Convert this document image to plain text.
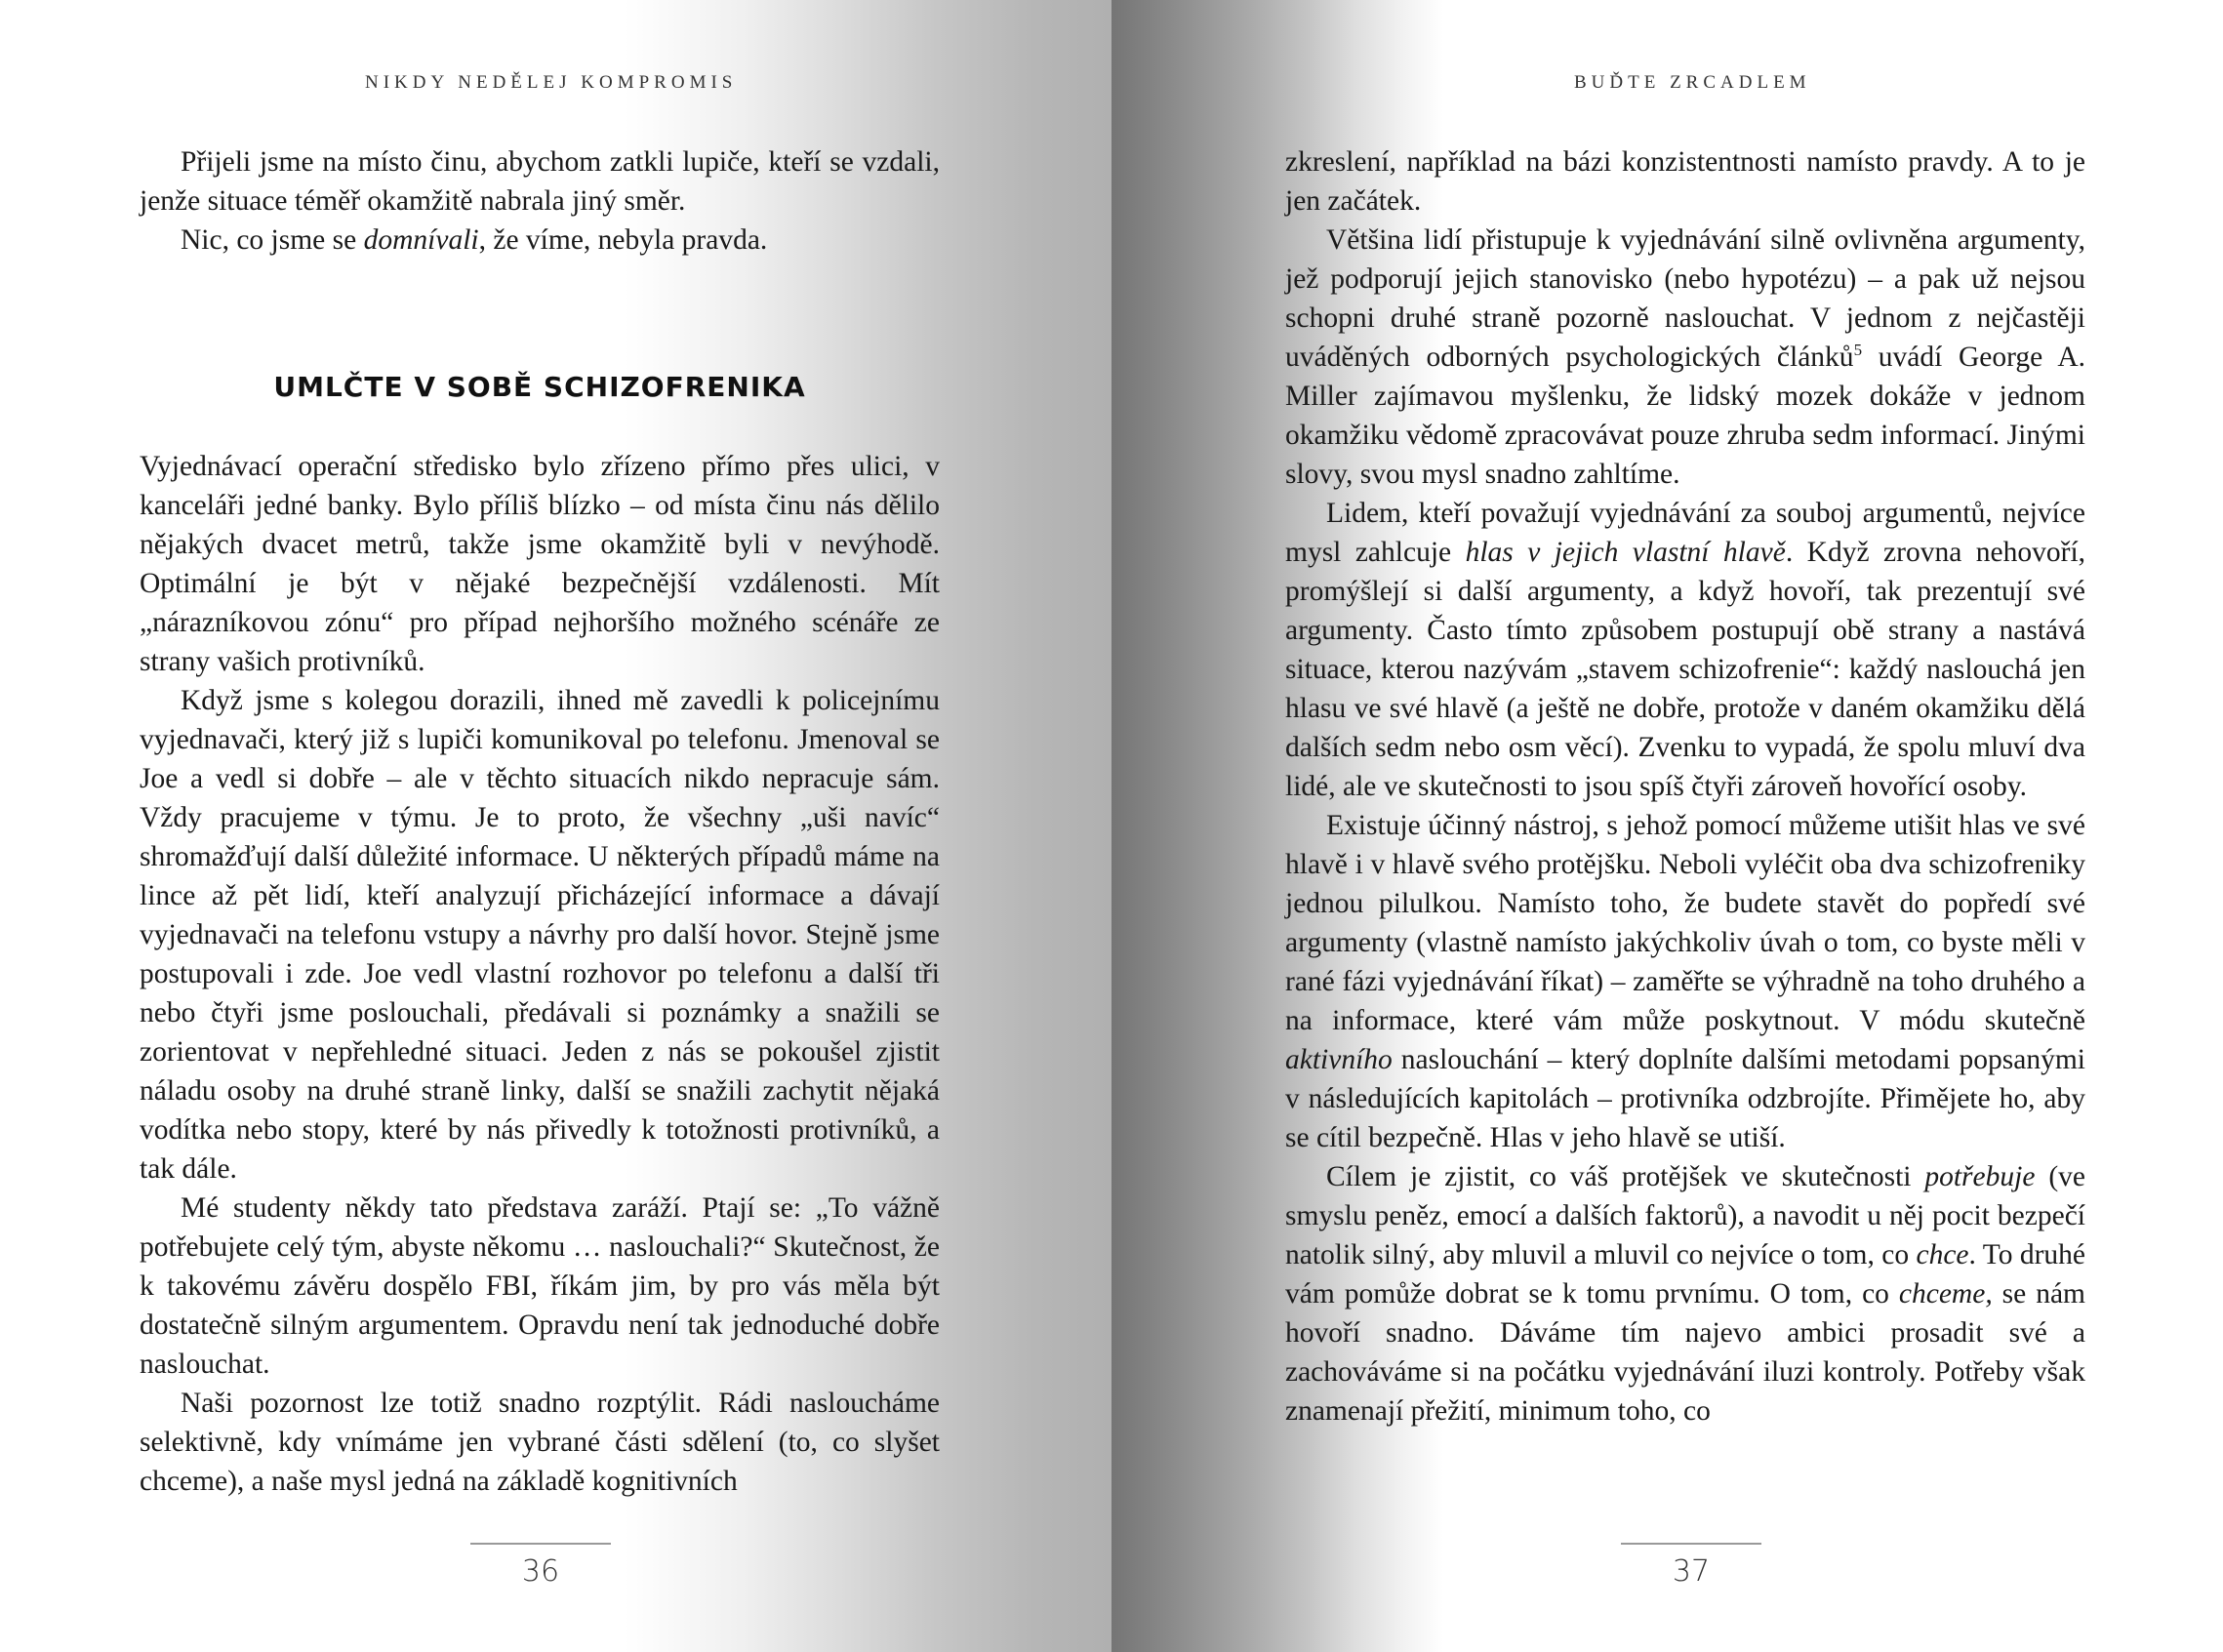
NIKDY NEDĚLEJ KOMPROMIS

Přijeli jsme na místo činu, abychom zatkli lupiče, kteří se vzdali, jenže situace téměř okamžitě nabrala jiný směr.

Nic, co jsme se domnívali, že víme, nebyla pravda.

UMLČTE V SOBĚ SCHIZOFRENIKA

Vyjednávací operační středisko bylo zřízeno přímo přes ulici, v kanceláři jedné banky. Bylo příliš blízko – od místa činu nás dělilo nějakých dvacet metrů, takže jsme okamžitě byli v nevýhodě. Optimální je být v nějaké bezpečnější vzdálenosti. Mít „nárazníkovou zónu“ pro případ nejhoršího možného scénáře ze strany vašich protivníků.

Když jsme s kolegou dorazili, ihned mě zavedli k policejnímu vyjednavači, který již s lupiči komunikoval po telefonu. Jmenoval se Joe a vedl si dobře – ale v těchto situacích nikdo nepracuje sám. Vždy pracujeme v týmu. Je to proto, že všechny „uši navíc“ shromažďují další důležité informace. U některých případů máme na lince až pět lidí, kteří analyzují přicházející informace a dávají vyjednavači na telefonu vstupy a návrhy pro další hovor. Stejně jsme postupovali i zde. Joe vedl vlastní rozhovor po telefonu a další tři nebo čtyři jsme poslouchali, předávali si poznámky a snažili se zorientovat v nepřehledné situaci. Jeden z nás se pokoušel zjistit náladu osoby na druhé straně linky, další se snažili zachytit nějaká vodítka nebo stopy, které by nás přivedly k totožnosti protivníků, a tak dále.

Mé studenty někdy tato představa zaráží. Ptají se: „To vážně potřebujete celý tým, abyste někomu … naslouchali?“ Skutečnost, že k takovému závěru dospělo FBI, říkám jim, by pro vás měla být dostatečně silným argumentem. Opravdu není tak jednoduché dobře naslouchat.

Naši pozornost lze totiž snadno rozptýlit. Rádi nasloucháme selektivně, kdy vnímáme jen vybrané části sdělení (to, co slyšet chceme), a naše mysl jedná na základě kognitivních

36
BUĎTE ZRCADLEM

zkreslení, například na bázi konzistentnosti namísto pravdy. A to je jen začátek.

Většina lidí přistupuje k vyjednávání silně ovlivněna argumenty, jež podporují jejich stanovisko (nebo hypotézu) – a pak už nejsou schopni druhé straně pozorně naslouchat. V jednom z nejčastěji uváděných odborných psychologických článků$^5$ uvádí George A. Miller zajímavou myšlenku, že lidský mozek dokáže v jednom okamžiku vědomě zpracovávat pouze zhruba sedm informací. Jinými slovy, svou mysl snadno zahltíme.

Lidem, kteří považují vyjednávání za souboj argumentů, nejvíce mysl zahlcuje hlas v jejich vlastní hlavě. Když zrovna nehovoří, promýšlejí si další argumenty, a když hovoří, tak prezentují své argumenty. Často tímto způsobem postupují obě strany a nastává situace, kterou nazývám „stavem schizofrenie“: každý naslouchá jen hlasu ve své hlavě (a ještě ne dobře, protože v daném okamžiku dělá dalších sedm nebo osm věcí). Zvenku to vypadá, že spolu mluví dva lidé, ale ve skutečnosti to jsou spíš čtyři zároveň hovořící osoby.

Existuje účinný nástroj, s jehož pomocí můžeme utišit hlas ve své hlavě i v hlavě svého protějšku. Neboli vyléčit oba dva schizofreniky jednou pilulkou. Namísto toho, že budete stavět do popředí své argumenty (vlastně namísto jakýchkoliv úvah o tom, co byste měli v rané fázi vyjednávání říkat) – zaměřte se výhradně na toho druhého a na informace, které vám může poskytnout. V módu skutečně aktivního naslouchání – který doplníte dalšími metodami popsanými v následujících kapitolách – protivníka odzbrojíte. Přimějete ho, aby se cítil bezpečně. Hlas v jeho hlavě se utiší.

Cílem je zjistit, co váš protějšek ve skutečnosti potřebuje (ve smyslu peněz, emocí a dalších faktorů), a navodit u něj pocit bezpečí natolik silný, aby mluvil a mluvil co nejvíce o tom, co chce. To druhé vám pomůže dobrat se k tomu prvnímu. O tom, co chceme, se nám hovoří snadno. Dáváme tím najevo ambici prosadit své a zachováváme si na počátku vyjednávání iluzi kontroly. Potřeby však znamenají přežití, minimum toho, co

37
